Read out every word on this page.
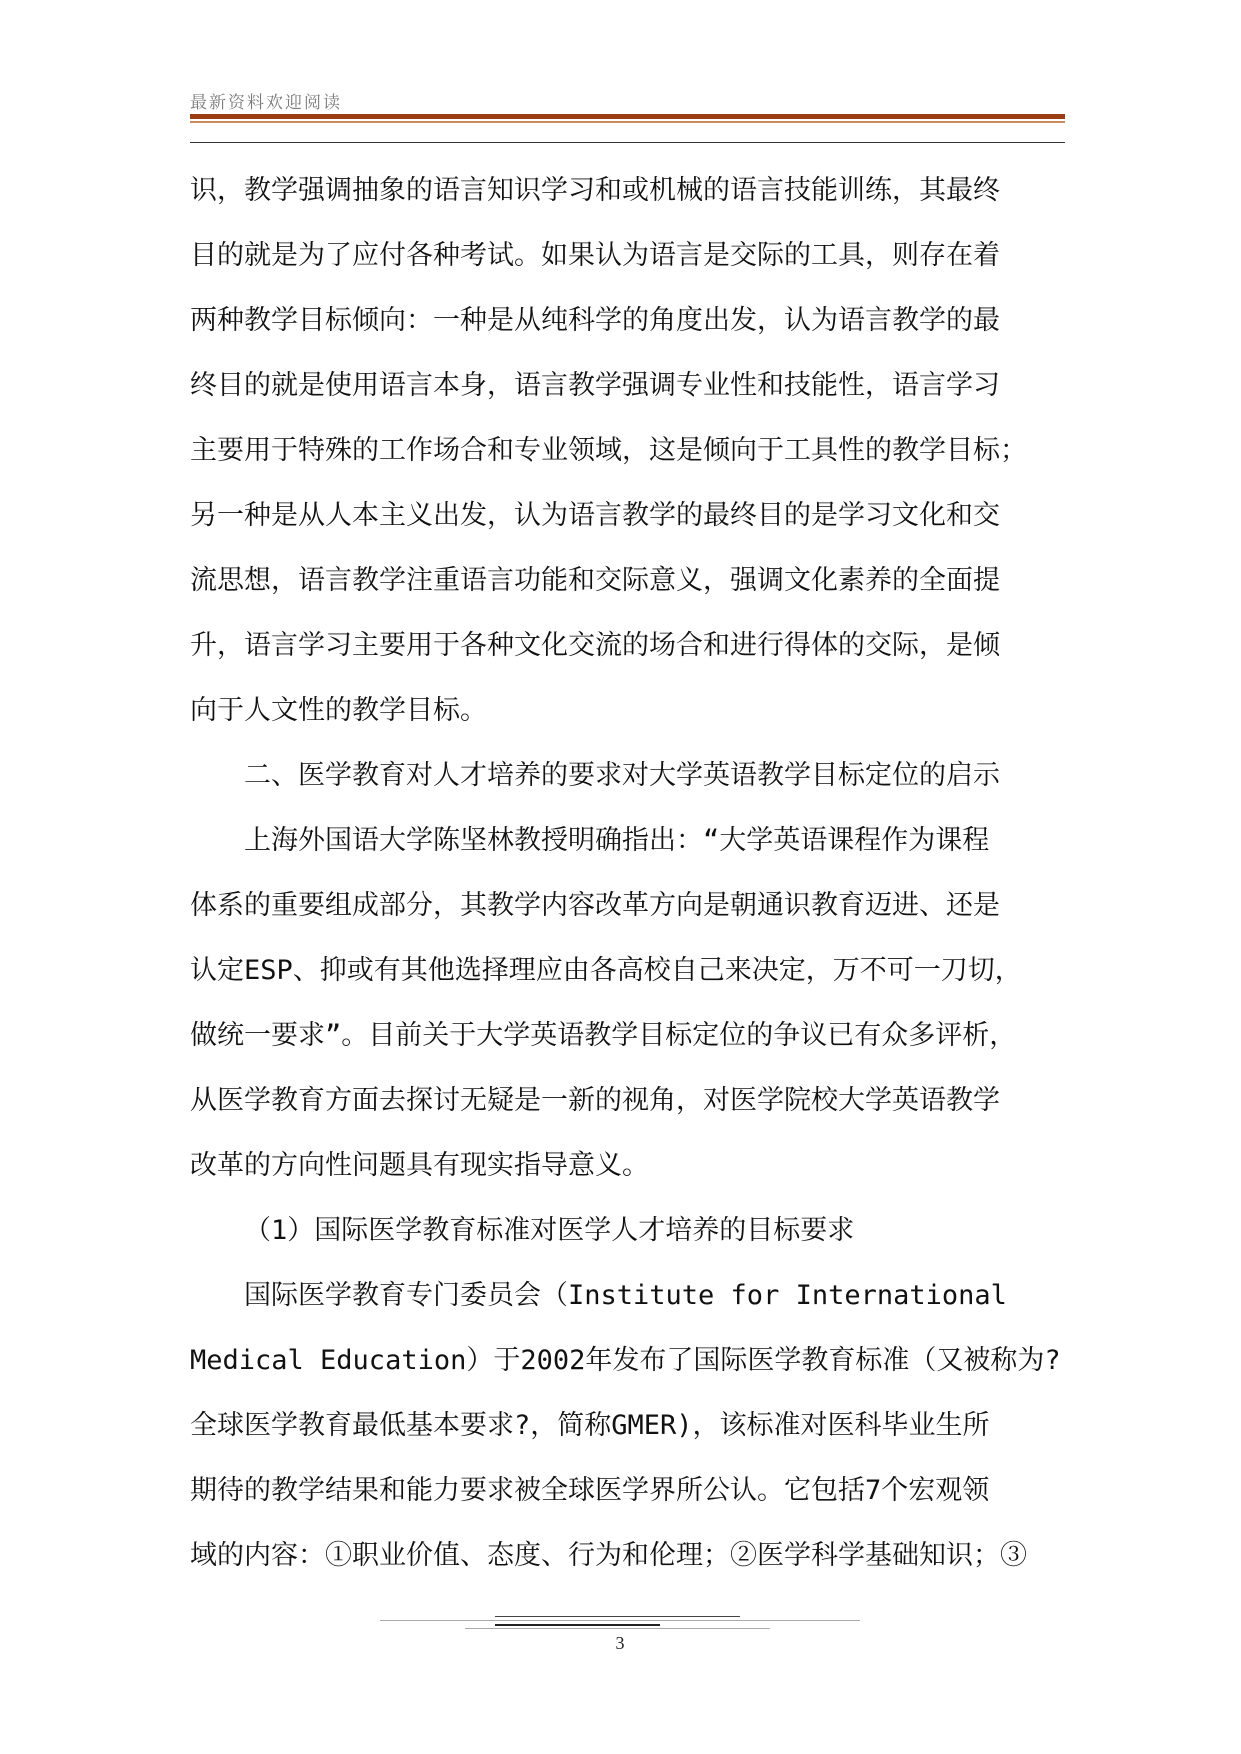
最新资料欢迎阅读
识，教学强调抽象的语言知识学习和或机械的语言技能训练，其最终
目的就是为了应付各种考试。如果认为语言是交际的工具，则存在着
两种教学目标倾向：一种是从纯科学的角度出发，认为语言教学的最
终目的就是使用语言本身，语言教学强调专业性和技能性，语言学习
主要用于特殊的工作场合和专业领域，这是倾向于工具性的教学目标；
另一种是从人本主义出发，认为语言教学的最终目的是学习文化和交
流思想，语言教学注重语言功能和交际意义，强调文化素养的全面提
升，语言学习主要用于各种文化交流的场合和进行得体的交际，是倾
向于人文性的教学目标。
二、医学教育对人才培养的要求对大学英语教学目标定位的启示
上海外国语大学陈坚林教授明确指出：“大学英语课程作为课程
体系的重要组成部分，其教学内容改革方向是朝通识教育迈进、还是
认定ESP、抑或有其他选择理应由各高校自己来决定，万不可一刀切，
做统一要求”。目前关于大学英语教学目标定位的争议已有众多评析，
从医学教育方面去探讨无疑是一新的视角，对医学院校大学英语教学
改革的方向性问题具有现实指导意义。
（1）国际医学教育标准对医学人才培养的目标要求
国际医学教育专门委员会（Institute for International
Medical Education）于2002年发布了国际医学教育标准（又被称为?
全球医学教育最低基本要求?，简称GMER)，该标准对医科毕业生所
期待的教学结果和能力要求被全球医学界所公认。它包括7个宏观领
域的内容：①职业价值、态度、行为和伦理；②医学科学基础知识；③
3
